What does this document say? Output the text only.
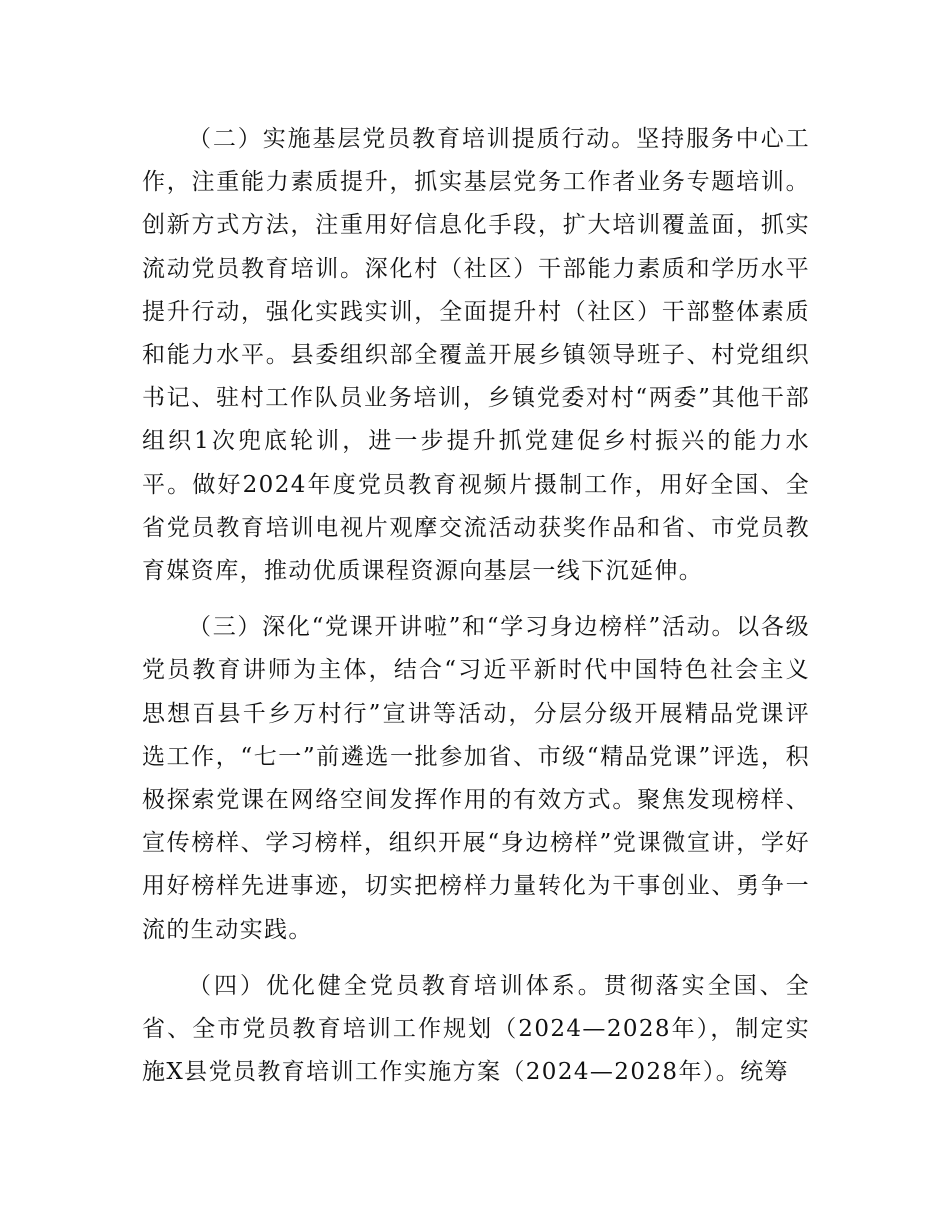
（二）实施基层党员教育培训提质行动。坚持服务中心工作，注重能力素质提升，抓实基层党务工作者业务专题培训。创新方式方法，注重用好信息化手段，扩大培训覆盖面，抓实流动党员教育培训。深化村（社区）干部能力素质和学历水平提升行动，强化实践实训，全面提升村（社区）干部整体素质和能力水平。县委组织部全覆盖开展乡镇领导班子、村党组织书记、驻村工作队员业务培训，乡镇党委对村“两委”其他干部组织1次兜底轮训，进一步提升抓党建促乡村振兴的能力水平。做好2024年度党员教育视频片摄制工作，用好全国、全省党员教育培训电视片观摩交流活动获奖作品和省、市党员教育媒资库，推动优质课程资源向基层一线下沉延伸。

（三）深化“党课开讲啦”和“学习身边榜样”活动。以各级党员教育讲师为主体，结合“习近平新时代中国特色社会主义思想百县千乡万村行”宣讲等活动，分层分级开展精品党课评选工作，“七一”前遴选一批参加省、市级“精品党课”评选，积极探索党课在网络空间发挥作用的有效方式。聚焦发现榜样、宣传榜样、学习榜样，组织开展“身边榜样”党课微宣讲，学好用好榜样先进事迹，切实把榜样力量转化为干事创业、勇争一流的生动实践。

（四）优化健全党员教育培训体系。贯彻落实全国、全省、全市党员教育培训工作规划（2024—2028年），制定实施X县党员教育培训工作实施方案（2024—2028年）。统筹
